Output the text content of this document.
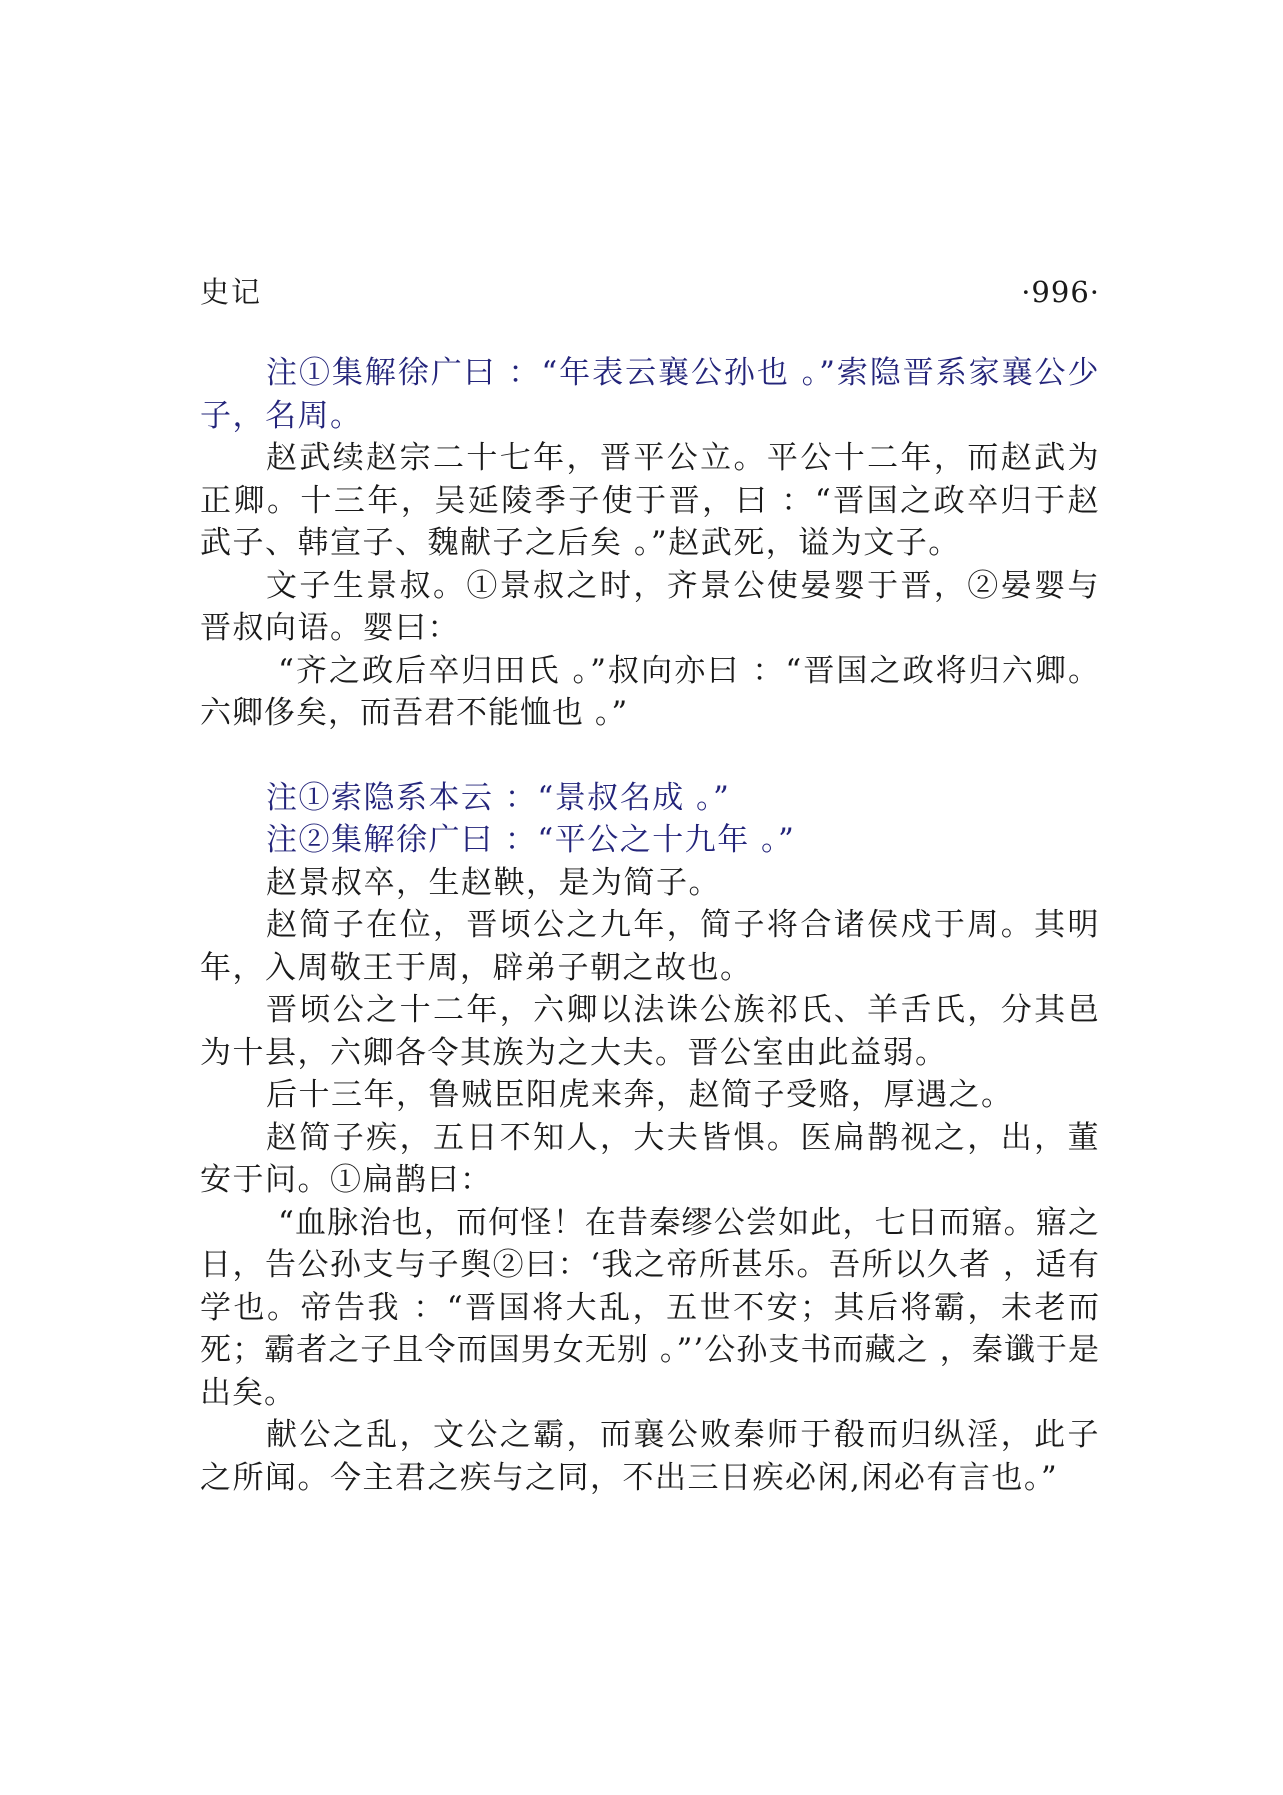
史记	·996·

注①集解徐广曰 ：“年表云襄公孙也 。”索隐晋系家襄公少子，名周。

赵武续赵宗二十七年，晋平公立。平公十二年，而赵武为正卿。十三年，吴延陵季子使于晋，曰 ：“晋国之政卒归于赵武子、韩宣子、魏献子之后矣 。”赵武死，谥为文子。

文子生景叔。①景叔之时，齐景公使晏婴于晋，②晏婴与晋叔向语。婴曰：

“齐之政后卒归田氏 。”叔向亦曰 ：“晋国之政将归六卿。六卿侈矣，而吾君不能恤也 。”

注①索隐系本云 ：“景叔名成 。”

注②集解徐广曰 ：“平公之十九年 。”

赵景叔卒，生赵鞅，是为简子。

赵简子在位，晋顷公之九年，简子将合诸侯戍于周。其明年，入周敬王于周，辟弟子朝之故也。

晋顷公之十二年，六卿以法诛公族祁氏、羊舌氏，分其邑为十县，六卿各令其族为之大夫。晋公室由此益弱。

后十三年，鲁贼臣阳虎来奔，赵简子受赂，厚遇之。

赵简子疾，五日不知人，大夫皆惧。医扁鹊视之，出，董安于问。①扁鹊曰：

“血脉治也，而何怪！在昔秦缪公尝如此，七日而寤。寤之日，告公孙支与子舆②曰：‘我之帝所甚乐。吾所以久者 ，适有学也。帝告我 ：“晋国将大乱，五世不安；其后将霸，未老而死；霸者之子且令而国男女无别 。”’公孙支书而藏之 ，秦谶于是出矣。

献公之乱，文公之霸，而襄公败秦师于殽而归纵淫，此子之所闻。今主君之疾与之同，不出三日疾必闲,闲必有言也。”
